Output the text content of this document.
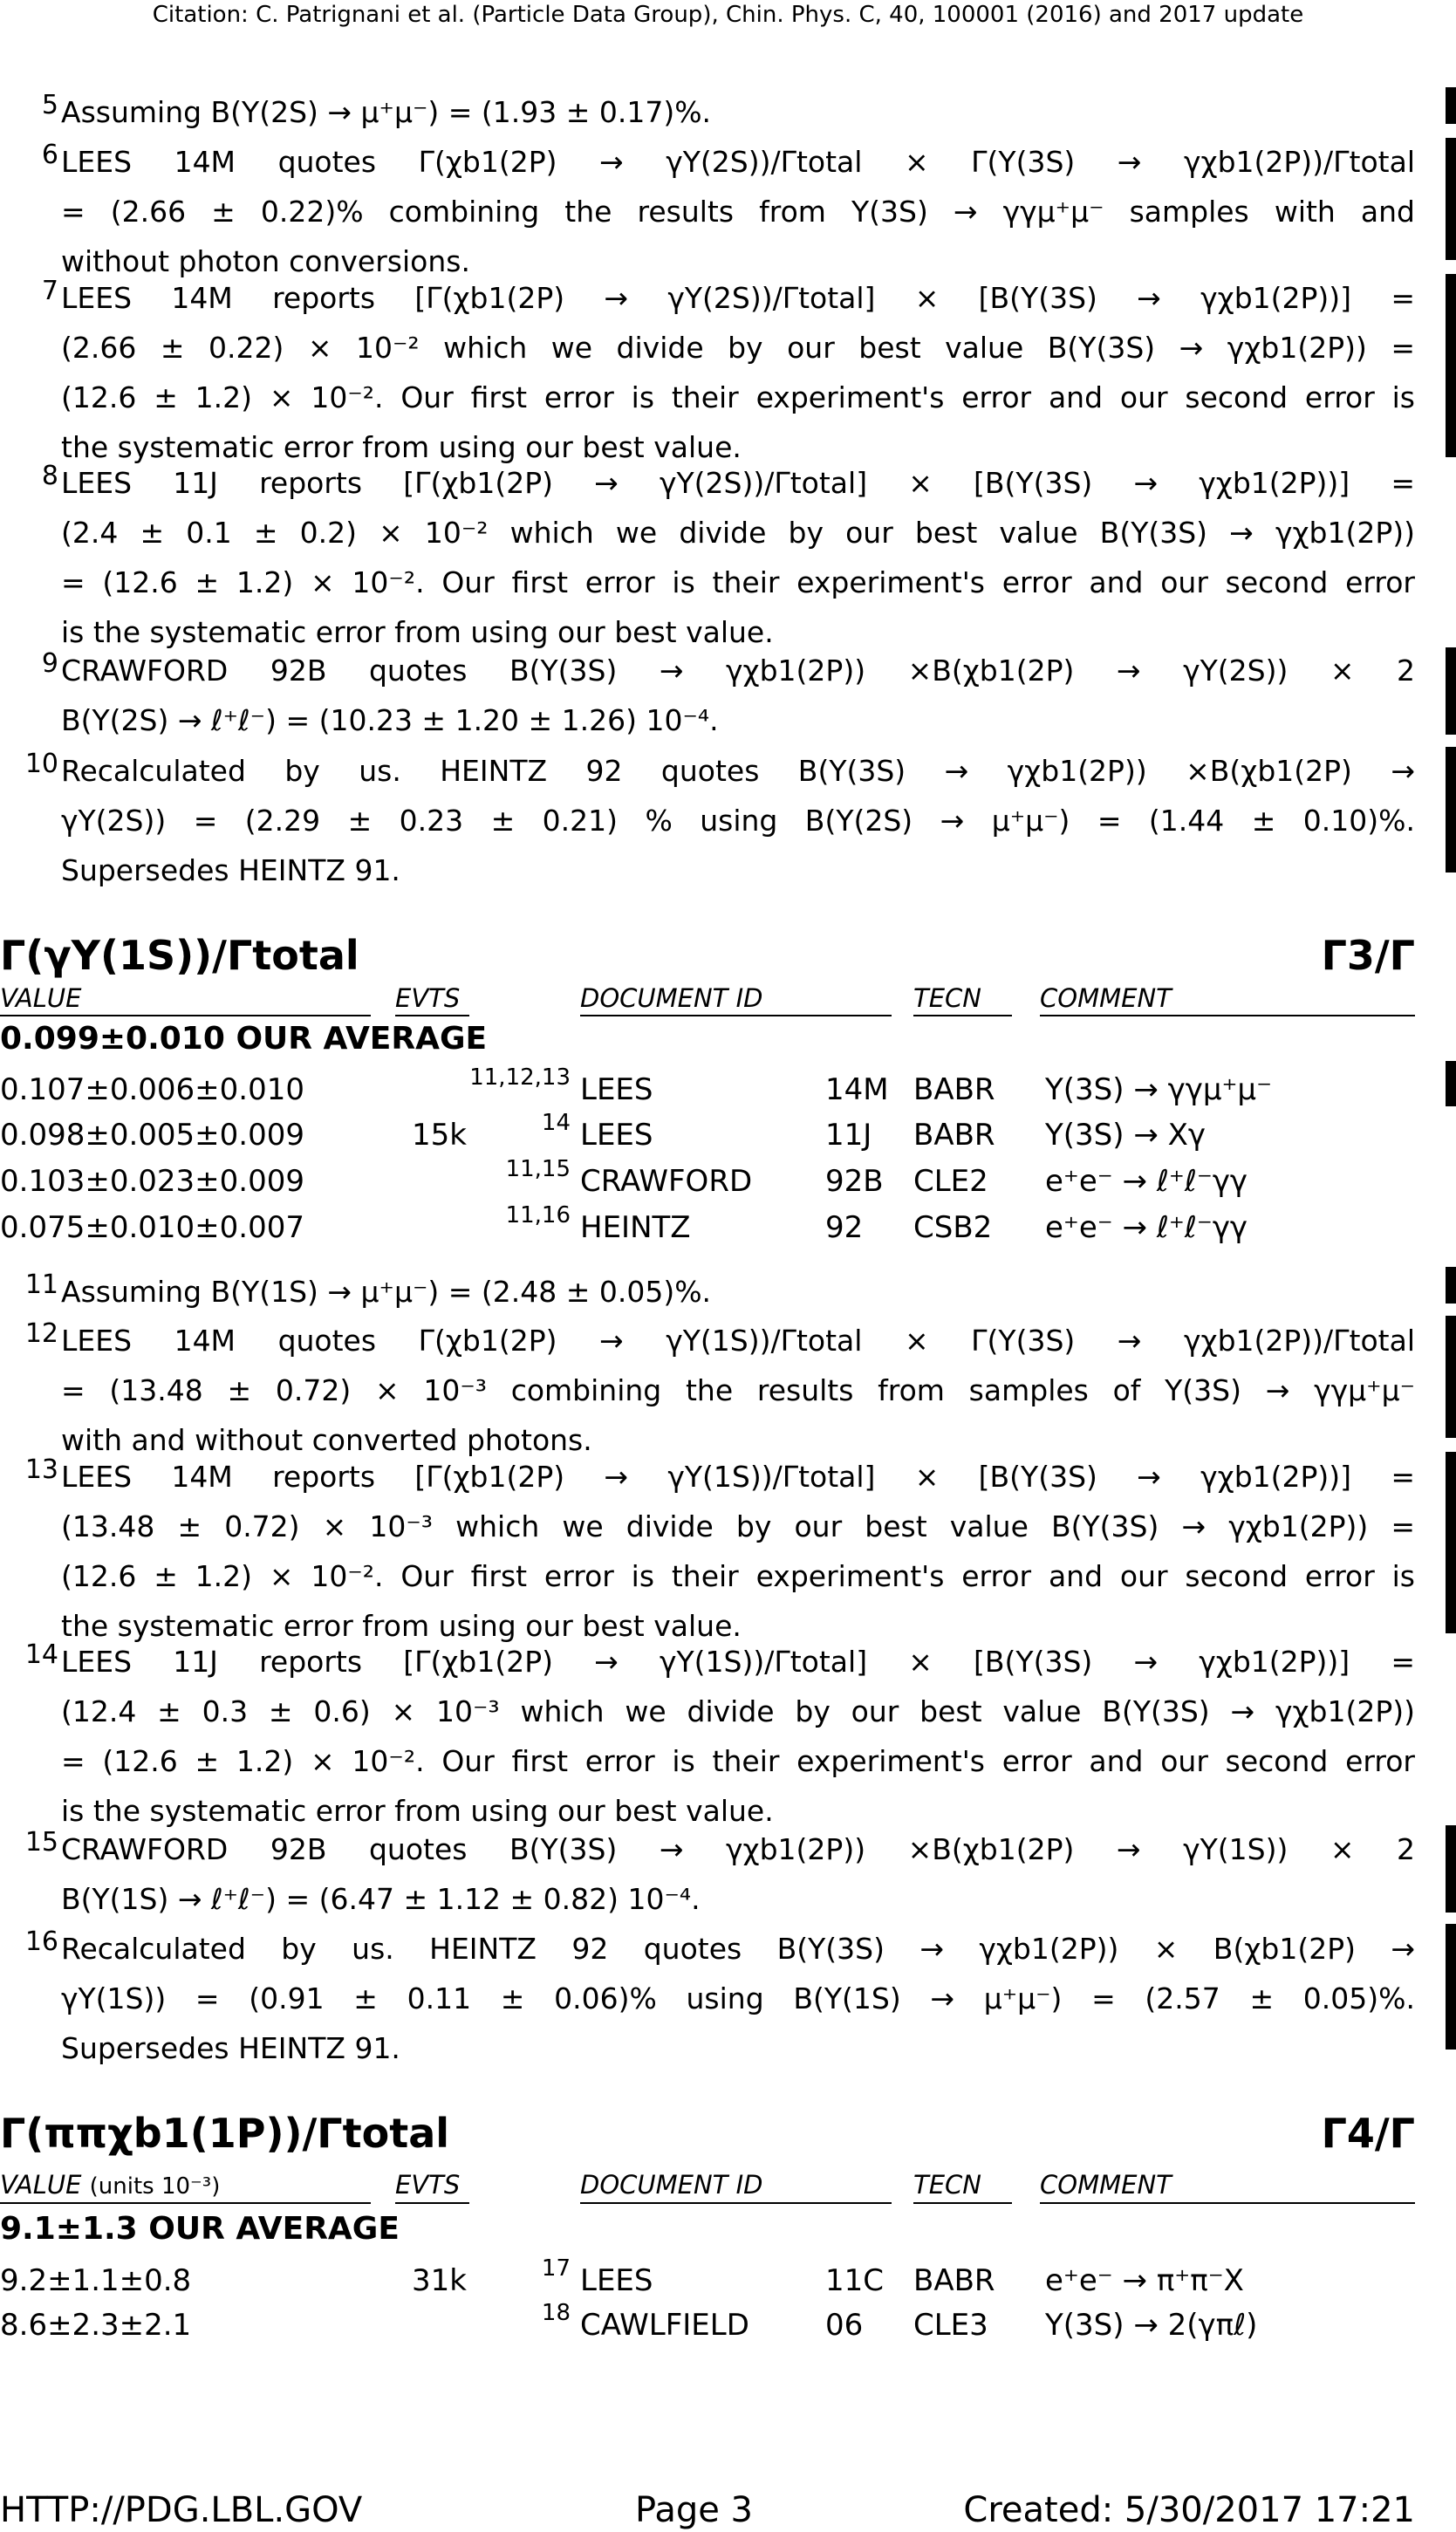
Citation: C. Patrignani et al. (Particle Data Group), Chin. Phys. C, 40, 100001 (2016) and 2017 update
5 Assuming B(Υ(2S) → μ⁺μ⁻) = (1.93 ± 0.17)%.
6 LEES 14M quotes Γ(χb1(2P) → γΥ(2S))/Γtotal × Γ(Υ(3S) → γχb1(2P))/Γtotal
= (2.66 ± 0.22)% combining the results from Υ(3S) → γγμ⁺μ⁻ samples with and
without photon conversions.
7 LEES 14M reports [Γ(χb1(2P) → γΥ(2S))/Γtotal] × [B(Υ(3S) → γχb1(2P))] =
(2.66 ± 0.22) × 10⁻² which we divide by our best value B(Υ(3S) → γχb1(2P)) =
(12.6 ± 1.2) × 10⁻². Our first error is their experiment's error and our second error is
the systematic error from using our best value.
8 LEES 11J reports [Γ(χb1(2P) → γΥ(2S))/Γtotal] × [B(Υ(3S) → γχb1(2P))] =
(2.4 ± 0.1 ± 0.2) × 10⁻² which we divide by our best value B(Υ(3S) → γχb1(2P))
= (12.6 ± 1.2) × 10⁻². Our first error is their experiment's error and our second error
is the systematic error from using our best value.
9 CRAWFORD 92B quotes B(Υ(3S) → γχb1(2P)) ×B(χb1(2P) → γΥ(2S)) × 2
B(Υ(2S) → ℓ⁺ℓ⁻) = (10.23 ± 1.20 ± 1.26) 10⁻⁴.
10 Recalculated by us. HEINTZ 92 quotes B(Υ(3S) → γχb1(2P)) ×B(χb1(2P) →
γΥ(2S)) = (2.29 ± 0.23 ± 0.21) % using B(Υ(2S) → μ⁺μ⁻) = (1.44 ± 0.10)%.
Supersedes HEINTZ 91.
Γ(γΥ(1S))/Γtotal	Γ3/Γ
VALUE	EVTS	DOCUMENT ID	TECN COMMENT
0.099±0.010 OUR AVERAGE
0.107±0.006±0.010	11,12,13 LEES	14M BABR Υ(3S) → γγμ⁺μ⁻
0.098±0.005±0.009	15k	14 LEES	11J BABR Υ(3S) → Xγ
0.103±0.023±0.009	11,15 CRAWFORD 92B CLE2 e⁺e⁻ → ℓ⁺ℓ⁻γγ
0.075±0.010±0.007	11,16 HEINTZ	92 CSB2 e⁺e⁻ → ℓ⁺ℓ⁻γγ
11 Assuming B(Υ(1S) → μ⁺μ⁻) = (2.48 ± 0.05)%.
12 LEES 14M quotes Γ(χb1(2P) → γΥ(1S))/Γtotal × Γ(Υ(3S) → γχb1(2P))/Γtotal
= (13.48 ± 0.72) × 10⁻³ combining the results from samples of Υ(3S) → γγμ⁺μ⁻
with and without converted photons.
13 LEES 14M reports [Γ(χb1(2P) → γΥ(1S))/Γtotal] × [B(Υ(3S) → γχb1(2P))] =
(13.48 ± 0.72) × 10⁻³ which we divide by our best value B(Υ(3S) → γχb1(2P)) =
(12.6 ± 1.2) × 10⁻². Our first error is their experiment's error and our second error is
the systematic error from using our best value.
14 LEES 11J reports [Γ(χb1(2P) → γΥ(1S))/Γtotal] × [B(Υ(3S) → γχb1(2P))] =
(12.4 ± 0.3 ± 0.6) × 10⁻³ which we divide by our best value B(Υ(3S) → γχb1(2P))
= (12.6 ± 1.2) × 10⁻². Our first error is their experiment's error and our second error
is the systematic error from using our best value.
15 CRAWFORD 92B quotes B(Υ(3S) → γχb1(2P)) ×B(χb1(2P) → γΥ(1S)) × 2
B(Υ(1S) → ℓ⁺ℓ⁻) = (6.47 ± 1.12 ± 0.82) 10⁻⁴.
16 Recalculated by us. HEINTZ 92 quotes B(Υ(3S) → γχb1(2P)) × B(χb1(2P) →
γΥ(1S)) = (0.91 ± 0.11 ± 0.06)% using B(Υ(1S) → μ⁺μ⁻) = (2.57 ± 0.05)%.
Supersedes HEINTZ 91.
Γ(ππχb1(1P))/Γtotal	Γ4/Γ
VALUE (units 10⁻³)	EVTS	DOCUMENT ID	TECN COMMENT
9.1±1.3 OUR AVERAGE
9.2±1.1±0.8	31k	17 LEES	11C BABR e⁺e⁻ → π⁺π⁻X
8.6±2.3±2.1	18 CAWLFIELD	06 CLE3 Υ(3S) → 2(γπℓ)
HTTP://PDG.LBL.GOV	Page 3	Created: 5/30/2017 17:21
